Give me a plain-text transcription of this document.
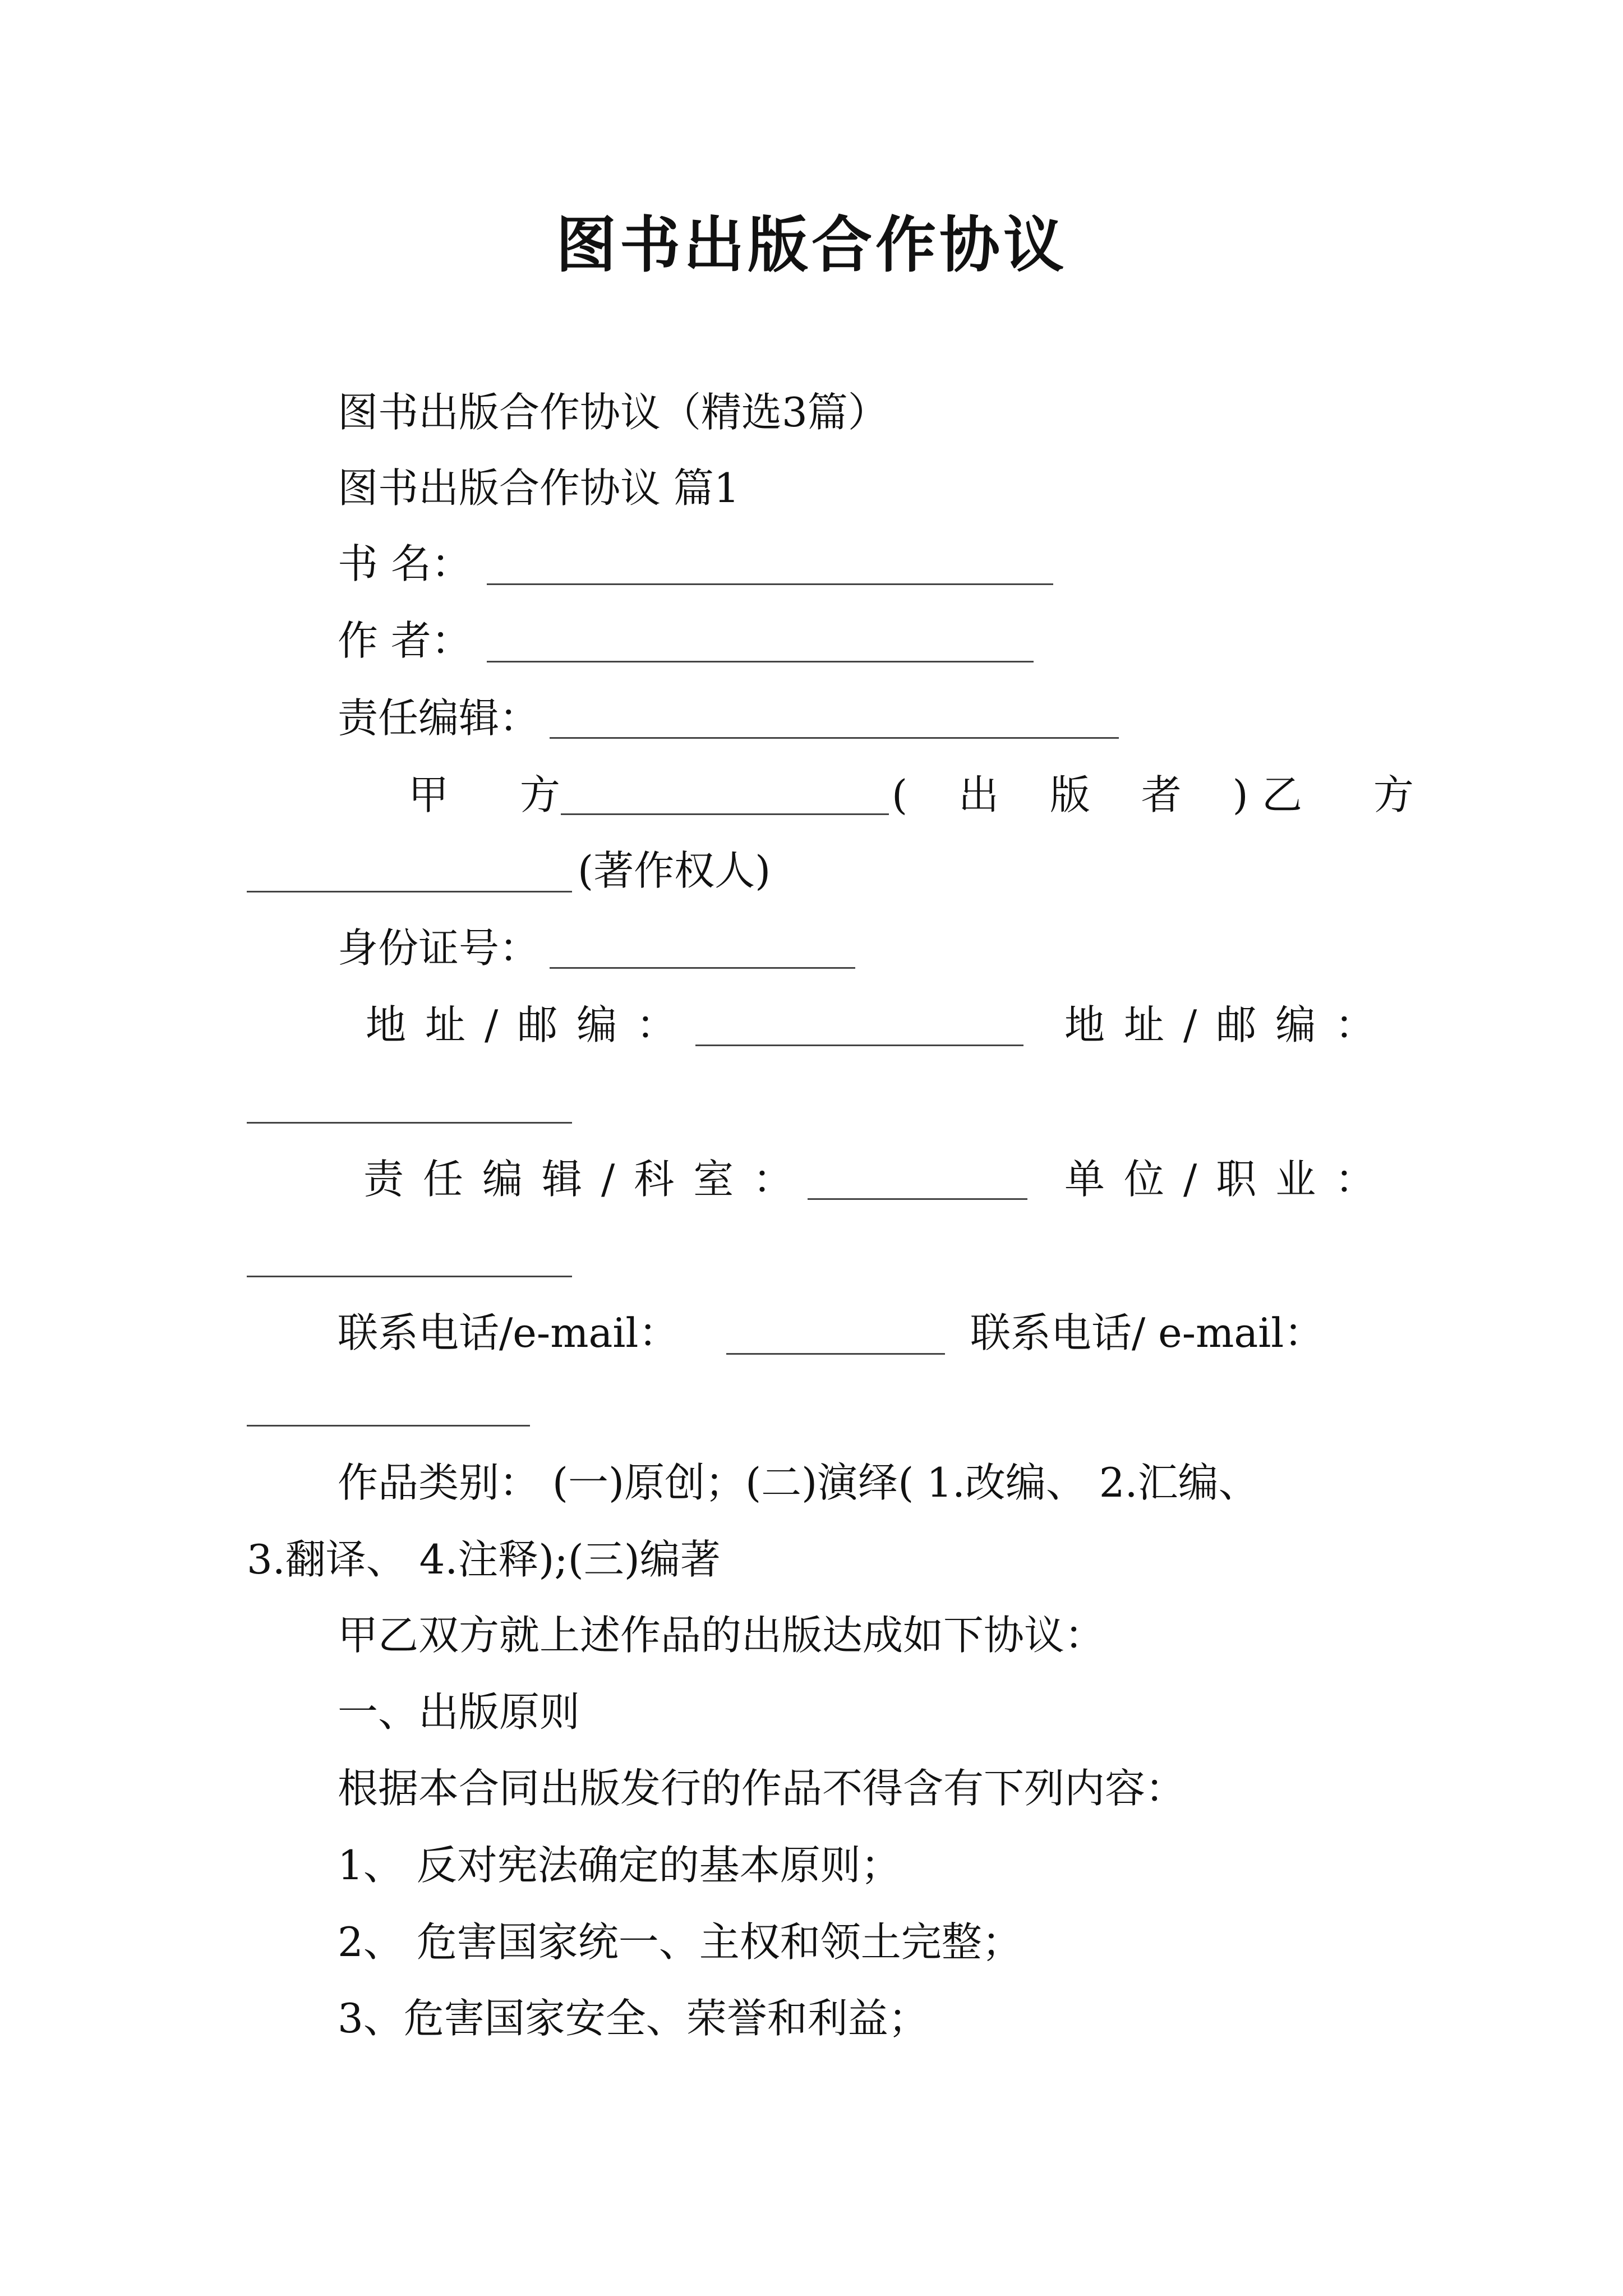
图书出版合作协议
图书出版合作协议（精选3篇）
图书出版合作协议 篇1
书 名：
作 者：
责任编辑：
甲 方	( 出 版 者 )
乙 方
(著作权人)
身份证号：
地址/邮编：	地址/邮编：
责任编辑/科室：	单位/职业：
联系电话/e-mail：	联系电话/ e-mail：
作品类别： (一)原创；(二)演绎( 1.改编、 2.汇编、
3.翻译、 4.注释);(三)编著
甲乙双方就上述作品的出版达成如下协议：
一、出版原则
根据本合同出版发行的作品不得含有下列内容：
1、 反对宪法确定的基本原则；
2、 危害国家统一、主权和领土完整；
3、危害国家安全、荣誉和利益；
